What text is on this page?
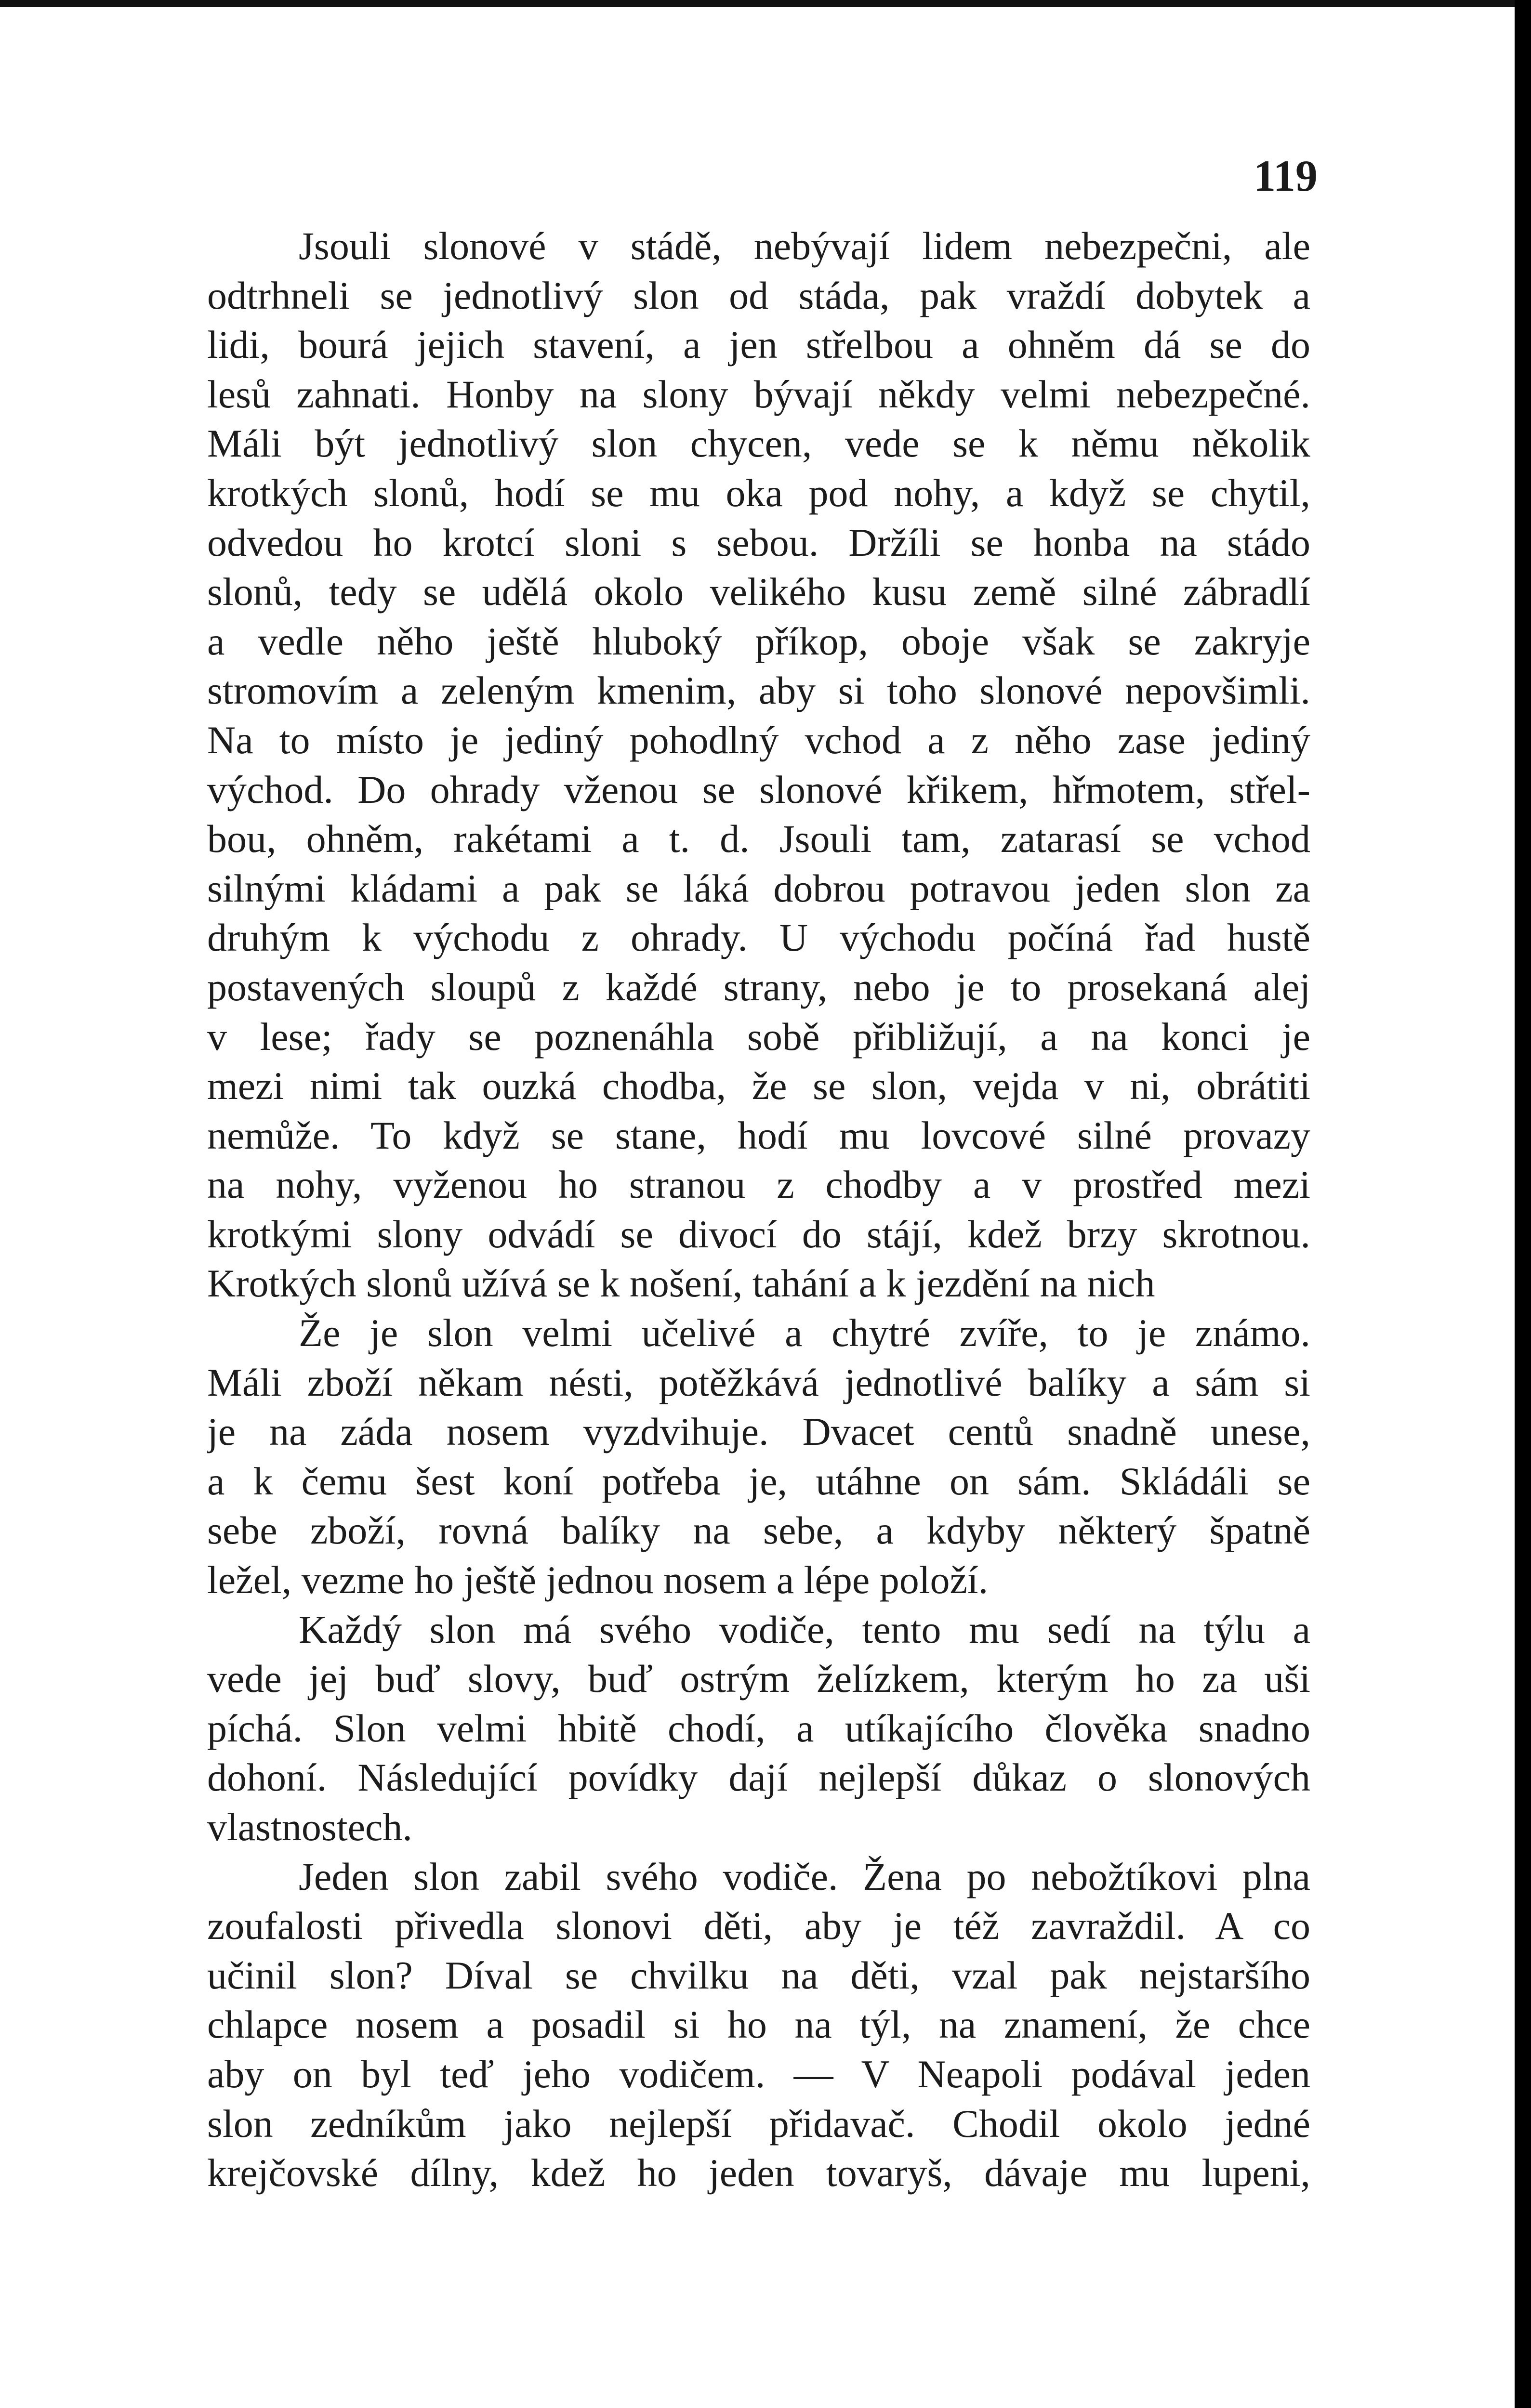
119
Jsouli slonové v stádě, nebývají lidem nebezpečni, ale
odtrhneli se jednotlivý slon od stáda, pak vraždí dobytek a
lidi, bourá jejich stavení, a jen střelbou a ohněm dá se do
lesů zahnati. Honby na slony bývají někdy velmi nebezpečné.
Máli být jednotlivý slon chycen, vede se k němu několik
krotkých slonů, hodí se mu oka pod nohy, a když se chytil,
odvedou ho krotcí sloni s sebou. Držíli se honba na stádo
slonů, tedy se udělá okolo velikého kusu země silné zábradlí
a vedle něho ještě hluboký příkop, oboje však se zakryje
stromovím a zeleným kmenim, aby si toho slonové nepovšimli.
Na to místo je jediný pohodlný vchod a z něho zase jediný
východ. Do ohrady vženou se slonové křikem, hřmotem, střel-
bou, ohněm, rakétami a t. d. Jsouli tam, zatarasí se vchod
silnými kládami a pak se láká dobrou potravou jeden slon za
druhým k východu z ohrady. U východu počíná řad hustě
postavených sloupů z každé strany, nebo je to prosekaná alej
v lese; řady se poznenáhla sobě přibližují, a na konci je
mezi nimi tak ouzká chodba, že se slon, vejda v ni, obrátiti
nemůže. To když se stane, hodí mu lovcové silné provazy
na nohy, vyženou ho stranou z chodby a v prostřed mezi
krotkými slony odvádí se divocí do stájí, kdež brzy skrotnou.
Krotkých slonů užívá se k nošení, tahání a k jezdění na nich
Že je slon velmi učelivé a chytré zvíře, to je známo.
Máli zboží někam nésti, potěžkává jednotlivé balíky a sám si
je na záda nosem vyzdvihuje. Dvacet centů snadně unese,
a k čemu šest koní potřeba je, utáhne on sám. Skládáli se
sebe zboží, rovná balíky na sebe, a kdyby některý špatně
ležel, vezme ho ještě jednou nosem a lépe položí.
Každý slon má svého vodiče, tento mu sedí na týlu a
vede jej buď slovy, buď ostrým želízkem, kterým ho za uši
píchá. Slon velmi hbitě chodí, a utíkajícího člověka snadno
dohoní. Následující povídky dají nejlepší důkaz o slonových
vlastnostech.
Jeden slon zabil svého vodiče. Žena po nebožtíkovi plna
zoufalosti přivedla slonovi děti, aby je též zavraždil. A co
učinil slon? Díval se chvilku na děti, vzal pak nejstaršího
chlapce nosem a posadil si ho na týl, na znamení, že chce
aby on byl teď jeho vodičem. — V Neapoli podával jeden
slon zedníkům jako nejlepší přidavač. Chodil okolo jedné
krejčovské dílny, kdež ho jeden tovaryš, dávaje mu lupeni,
